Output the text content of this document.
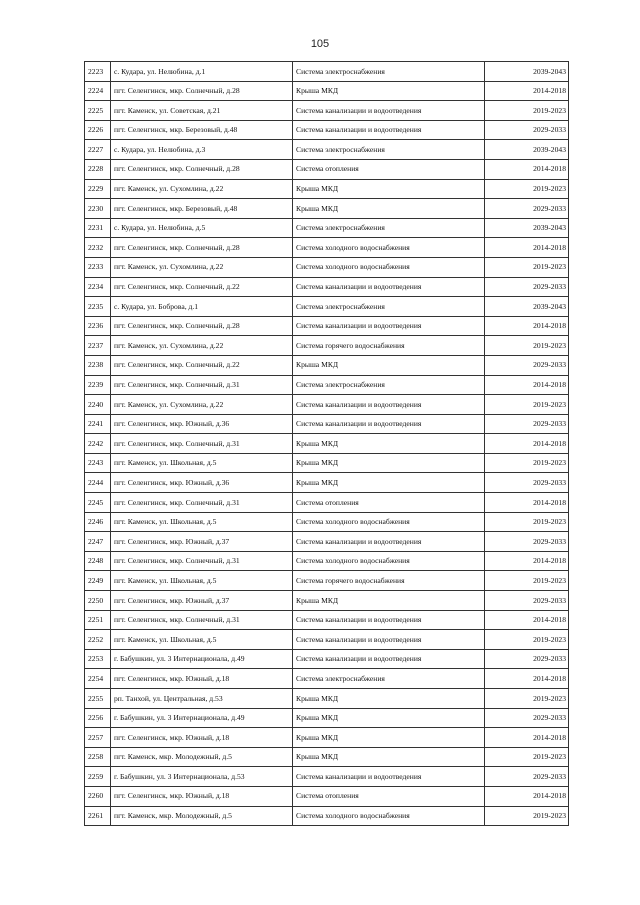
105
2223	с. Кудара, ул. Нелюбина, д.1	Система электроснабжения	2039-2043
2224	пгт. Селенгинск, мкр. Солнечный, д.28	Крыша МКД	2014-2018
2225	пгт. Каменск, ул. Советская, д.21	Система канализации и водоотведения	2019-2023
2226	пгт. Селенгинск, мкр. Березовый, д.48	Система канализации и водоотведения	2029-2033
2227	с. Кудара, ул. Нелюбина, д.3	Система электроснабжения	2039-2043
2228	пгт. Селенгинск, мкр. Солнечный, д.28	Система отопления	2014-2018
2229	пгт. Каменск, ул. Сухомлина, д.22	Крыша МКД	2019-2023
2230	пгт. Селенгинск, мкр. Березовый, д.48	Крыша МКД	2029-2033
2231	с. Кудара, ул. Нелюбина, д.5	Система электроснабжения	2039-2043
2232	пгт. Селенгинск, мкр. Солнечный, д.28	Система холодного водоснабжения	2014-2018
2233	пгт. Каменск, ул. Сухомлина, д.22	Система холодного водоснабжения	2019-2023
2234	пгт. Селенгинск, мкр. Солнечный, д.22	Система канализации и водоотведения	2029-2033
2235	с. Кудара, ул. Боброва, д.1	Система электроснабжения	2039-2043
2236	пгт. Селенгинск, мкр. Солнечный, д.28	Система канализации и водоотведения	2014-2018
2237	пгт. Каменск, ул. Сухомлина, д.22	Система горячего водоснабжения	2019-2023
2238	пгт. Селенгинск, мкр. Солнечный, д.22	Крыша МКД	2029-2033
2239	пгт. Селенгинск, мкр. Солнечный, д.31	Система электроснабжения	2014-2018
2240	пгт. Каменск, ул. Сухомлина, д.22	Система канализации и водоотведения	2019-2023
2241	пгт. Селенгинск, мкр. Южный, д.36	Система канализации и водоотведения	2029-2033
2242	пгт. Селенгинск, мкр. Солнечный, д.31	Крыша МКД	2014-2018
2243	пгт. Каменск, ул. Школьная, д.5	Крыша МКД	2019-2023
2244	пгт. Селенгинск, мкр. Южный, д.36	Крыша МКД	2029-2033
2245	пгт. Селенгинск, мкр. Солнечный, д.31	Система отопления	2014-2018
2246	пгт. Каменск, ул. Школьная, д.5	Система холодного водоснабжения	2019-2023
2247	пгт. Селенгинск, мкр. Южный, д.37	Система канализации и водоотведения	2029-2033
2248	пгт. Селенгинск, мкр. Солнечный, д.31	Система холодного водоснабжения	2014-2018
2249	пгт. Каменск, ул. Школьная, д.5	Система горячего водоснабжения	2019-2023
2250	пгт. Селенгинск, мкр. Южный, д.37	Крыша МКД	2029-2033
2251	пгт. Селенгинск, мкр. Солнечный, д.31	Система канализации и водоотведения	2014-2018
2252	пгт. Каменск, ул. Школьная, д.5	Система канализации и водоотведения	2019-2023
2253	г. Бабушкин, ул. 3 Интернационала, д.49	Система канализации и водоотведения	2029-2033
2254	пгт. Селенгинск, мкр. Южный, д.18	Система электроснабжения	2014-2018
2255	рп. Танхой, ул. Центральная, д.53	Крыша МКД	2019-2023
2256	г. Бабушкин, ул. 3 Интернационала, д.49	Крыша МКД	2029-2033
2257	пгт. Селенгинск, мкр. Южный, д.18	Крыша МКД	2014-2018
2258	пгт. Каменск, мкр. Молодежный, д.5	Крыша МКД	2019-2023
2259	г. Бабушкин, ул. 3 Интернационала, д.53	Система канализации и водоотведения	2029-2033
2260	пгт. Селенгинск, мкр. Южный, д.18	Система отопления	2014-2018
2261	пгт. Каменск, мкр. Молодежный, д.5	Система холодного водоснабжения	2019-2023
